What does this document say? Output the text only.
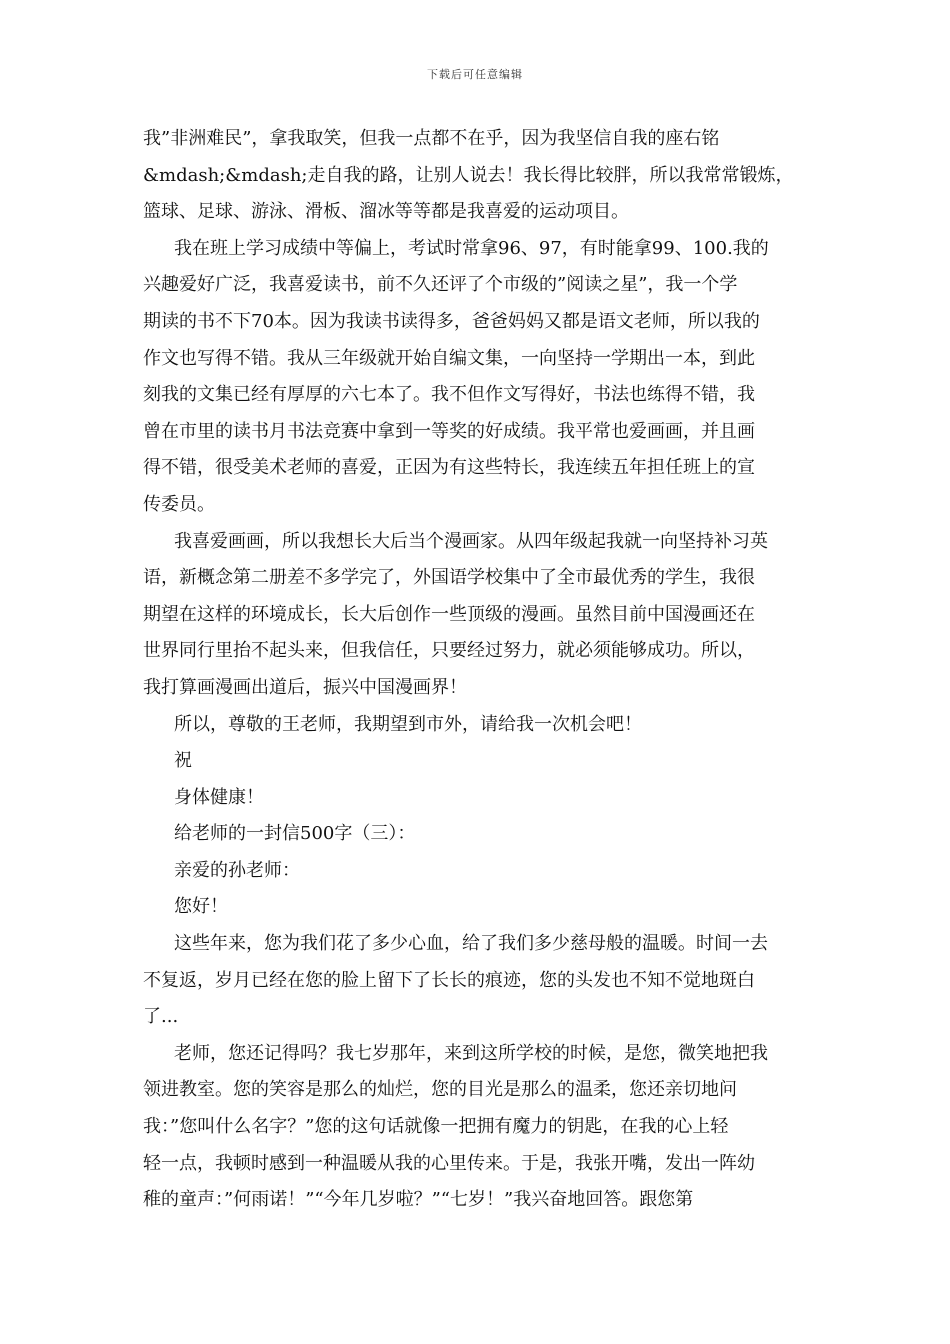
下载后可任意编辑
我”非洲难民”，拿我取笑，但我一点都不在乎，因为我坚信自我的座右铭
&mdash;&mdash;走自我的路，让别人说去！我长得比较胖，所以我常常锻炼，
篮球、足球、游泳、滑板、溜冰等等都是我喜爱的运动项目。
我在班上学习成绩中等偏上，考试时常拿96、97，有时能拿99、100.我的
兴趣爱好广泛，我喜爱读书，前不久还评了个市级的”阅读之星”，我一个学
期读的书不下70本。因为我读书读得多，爸爸妈妈又都是语文老师，所以我的
作文也写得不错。我从三年级就开始自编文集，一向坚持一学期出一本，到此
刻我的文集已经有厚厚的六七本了。我不但作文写得好，书法也练得不错，我
曾在市里的读书月书法竞赛中拿到一等奖的好成绩。我平常也爱画画，并且画
得不错，很受美术老师的喜爱，正因为有这些特长，我连续五年担任班上的宣
传委员。
我喜爱画画，所以我想长大后当个漫画家。从四年级起我就一向坚持补习英
语，新概念第二册差不多学完了，外国语学校集中了全市最优秀的学生，我很
期望在这样的环境成长，长大后创作一些顶级的漫画。虽然目前中国漫画还在
世界同行里抬不起头来，但我信任，只要经过努力，就必须能够成功。所以，
我打算画漫画出道后，振兴中国漫画界！
所以，尊敬的王老师，我期望到市外，请给我一次机会吧！
祝
身体健康！
给老师的一封信500字（三）：
亲爱的孙老师：
您好！
这些年来，您为我们花了多少心血，给了我们多少慈母般的温暖。时间一去
不复返，岁月已经在您的脸上留下了长长的痕迹，您的头发也不知不觉地斑白
了...
老师，您还记得吗？我七岁那年，来到这所学校的时候，是您，微笑地把我
领进教室。您的笑容是那么的灿烂，您的目光是那么的温柔，您还亲切地问
我：”您叫什么名字？”您的这句话就像一把拥有魔力的钥匙，在我的心上轻
轻一点，我顿时感到一种温暖从我的心里传来。于是，我张开嘴，发出一阵幼
稚的童声：”何雨诺！”“今年几岁啦？”“七岁！”我兴奋地回答。跟您第
